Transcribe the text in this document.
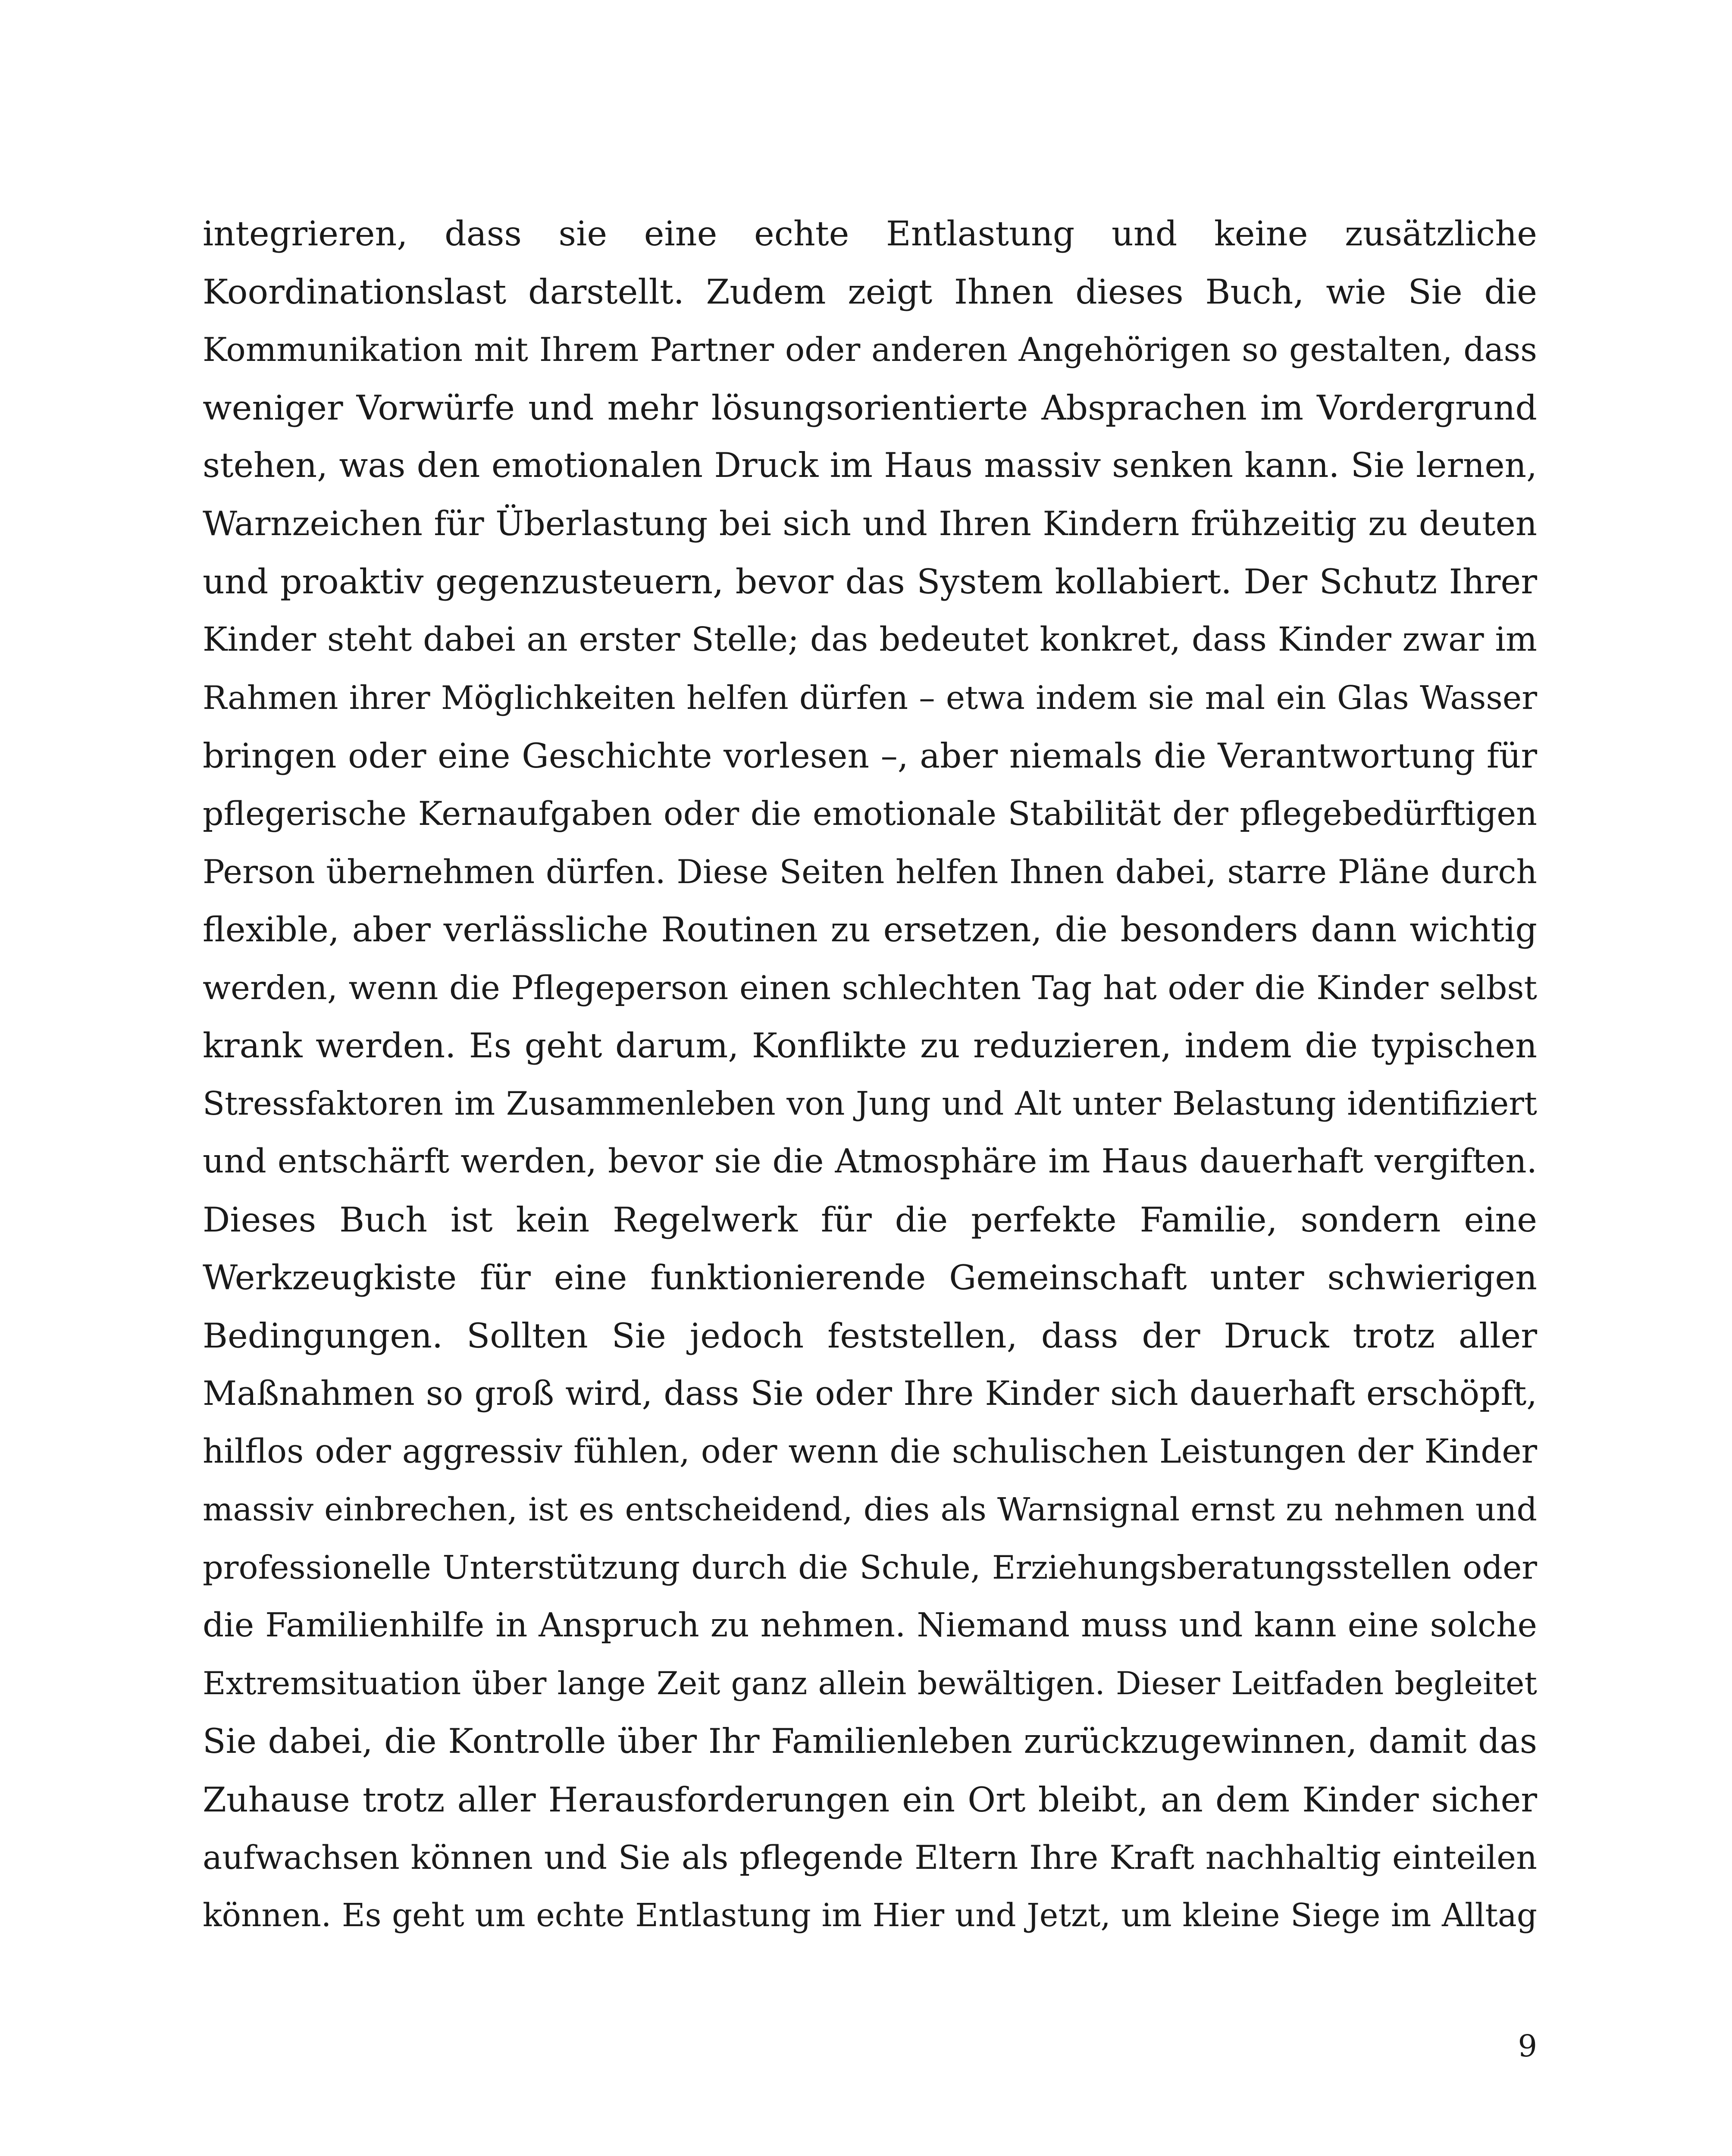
integrieren, dass sie eine echte Entlastung und keine zusätzliche
Koordinationslast darstellt. Zudem zeigt Ihnen dieses Buch, wie Sie die
Kommunikation mit Ihrem Partner oder anderen Angehörigen so gestalten, dass
weniger Vorwürfe und mehr lösungsorientierte Absprachen im Vordergrund
stehen, was den emotionalen Druck im Haus massiv senken kann. Sie lernen,
Warnzeichen für Überlastung bei sich und Ihren Kindern frühzeitig zu deuten
und proaktiv gegenzusteuern, bevor das System kollabiert. Der Schutz Ihrer
Kinder steht dabei an erster Stelle; das bedeutet konkret, dass Kinder zwar im
Rahmen ihrer Möglichkeiten helfen dürfen – etwa indem sie mal ein Glas Wasser
bringen oder eine Geschichte vorlesen –, aber niemals die Verantwortung für
pflegerische Kernaufgaben oder die emotionale Stabilität der pflegebedürftigen
Person übernehmen dürfen. Diese Seiten helfen Ihnen dabei, starre Pläne durch
flexible, aber verlässliche Routinen zu ersetzen, die besonders dann wichtig
werden, wenn die Pflegeperson einen schlechten Tag hat oder die Kinder selbst
krank werden. Es geht darum, Konflikte zu reduzieren, indem die typischen
Stressfaktoren im Zusammenleben von Jung und Alt unter Belastung identifiziert
und entschärft werden, bevor sie die Atmosphäre im Haus dauerhaft vergiften.
Dieses Buch ist kein Regelwerk für die perfekte Familie, sondern eine
Werkzeugkiste für eine funktionierende Gemeinschaft unter schwierigen
Bedingungen. Sollten Sie jedoch feststellen, dass der Druck trotz aller
Maßnahmen so groß wird, dass Sie oder Ihre Kinder sich dauerhaft erschöpft,
hilflos oder aggressiv fühlen, oder wenn die schulischen Leistungen der Kinder
massiv einbrechen, ist es entscheidend, dies als Warnsignal ernst zu nehmen und
professionelle Unterstützung durch die Schule, Erziehungsberatungsstellen oder
die Familienhilfe in Anspruch zu nehmen. Niemand muss und kann eine solche
Extremsituation über lange Zeit ganz allein bewältigen. Dieser Leitfaden begleitet
Sie dabei, die Kontrolle über Ihr Familienleben zurückzugewinnen, damit das
Zuhause trotz aller Herausforderungen ein Ort bleibt, an dem Kinder sicher
aufwachsen können und Sie als pflegende Eltern Ihre Kraft nachhaltig einteilen
können. Es geht um echte Entlastung im Hier und Jetzt, um kleine Siege im Alltag
9
